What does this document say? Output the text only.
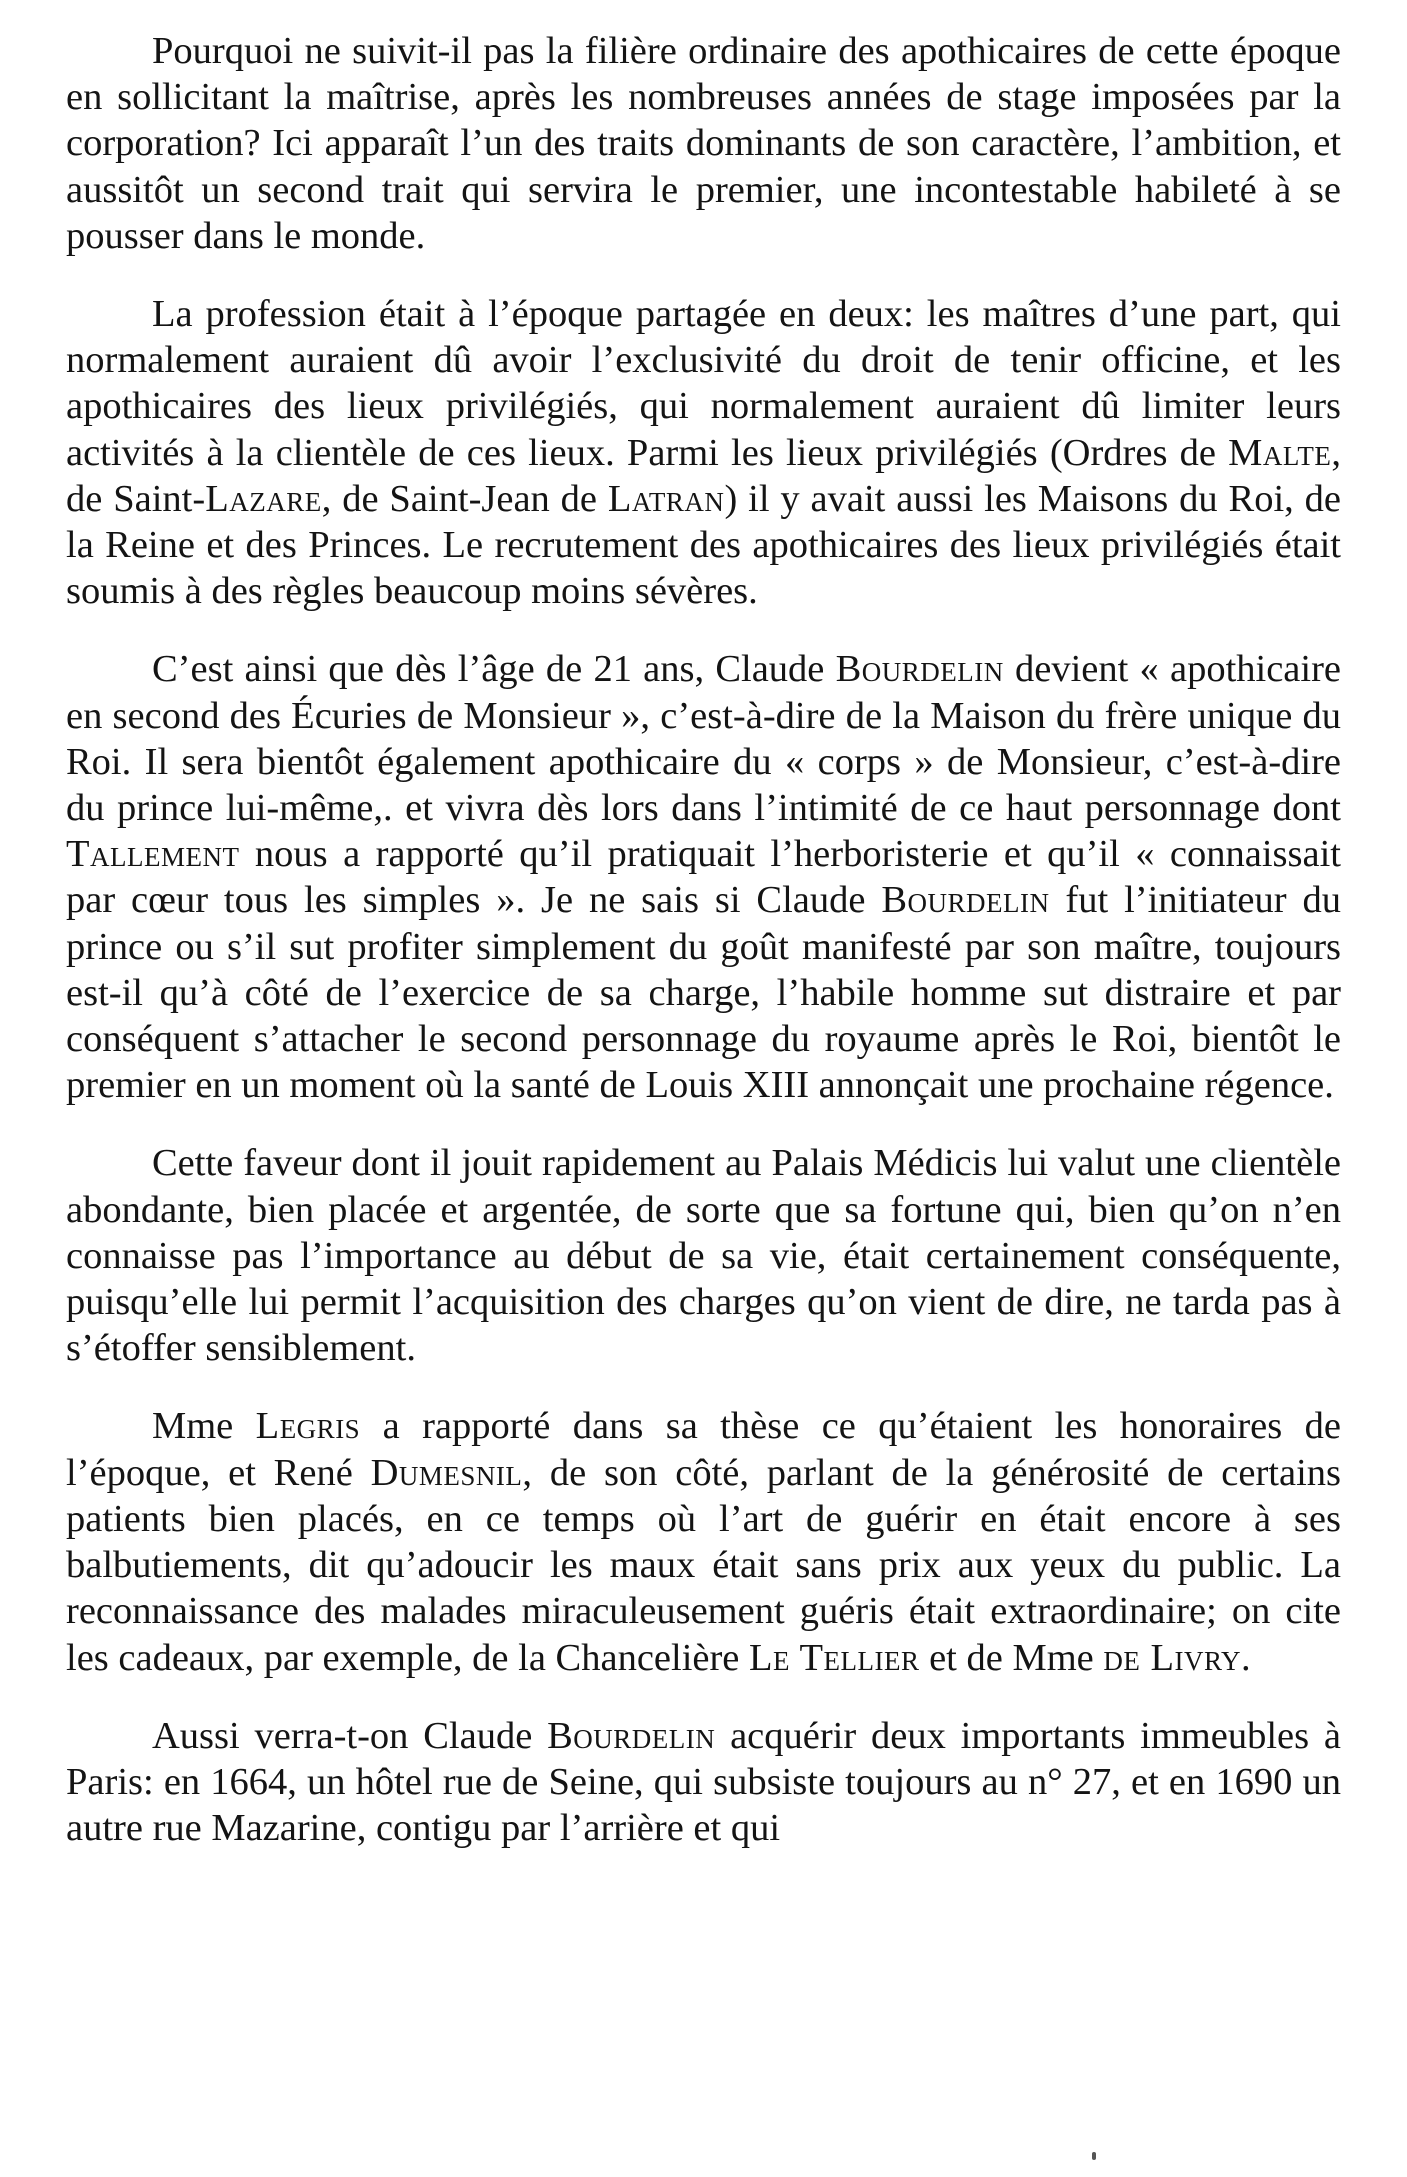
Pourquoi ne suivit-il pas la filière ordinaire des apothicaires de cette époque en sollicitant la maîtrise, après les nombreuses années de stage imposées par la corporation? Ici apparaît l’un des traits dominants de son caractère, l’ambition, et aussitôt un second trait qui servira le premier, une incontestable habileté à se pousser dans le monde.

La profession était à l’époque partagée en deux: les maîtres d’une part, qui normalement auraient dû avoir l’exclusivité du droit de tenir officine, et les apothicaires des lieux privilégiés, qui normalement auraient dû limiter leurs activités à la clientèle de ces lieux. Parmi les lieux privilégiés (Ordres de Malte, de Saint-Lazare, de Saint-Jean de Latran) il y avait aussi les Maisons du Roi, de la Reine et des Princes. Le recrutement des apothicaires des lieux privilégiés était soumis à des règles beaucoup moins sévères.

C’est ainsi que dès l’âge de 21 ans, Claude Bourdelin devient « apothicaire en second des Écuries de Monsieur », c’est-à-dire de la Maison du frère unique du Roi. Il sera bientôt également apothicaire du « corps » de Monsieur, c’est-à-dire du prince lui-même,. et vivra dès lors dans l’intimité de ce haut personnage dont Tallement nous a rapporté qu’il pratiquait l’herboristerie et qu’il « connaissait par cœur tous les simples ». Je ne sais si Claude Bourdelin fut l’initiateur du prince ou s’il sut profiter simplement du goût manifesté par son maître, toujours est-il qu’à côté de l’exercice de sa charge, l’habile homme sut distraire et par conséquent s’attacher le second personnage du royaume après le Roi, bientôt le premier en un moment où la santé de Louis XIII annonçait une prochaine régence.

Cette faveur dont il jouit rapidement au Palais Médicis lui valut une clientèle abondante, bien placée et argentée, de sorte que sa fortune qui, bien qu’on n’en connaisse pas l’importance au début de sa vie, était certainement conséquente, puisqu’elle lui permit l’acquisition des charges qu’on vient de dire, ne tarda pas à s’étoffer sensiblement.

Mme Legris a rapporté dans sa thèse ce qu’étaient les honoraires de l’époque, et René Dumesnil, de son côté, parlant de la générosité de certains patients bien placés, en ce temps où l’art de guérir en était encore à ses balbutiements, dit qu’adoucir les maux était sans prix aux yeux du public. La reconnaissance des malades miraculeusement guéris était extraordinaire; on cite les cadeaux, par exemple, de la Chancelière Le Tellier et de Mme de Livry.

Aussi verra-t-on Claude Bourdelin acquérir deux importants immeubles à Paris: en 1664, un hôtel rue de Seine, qui subsiste toujours au n° 27, et en 1690 un autre rue Mazarine, contigu par l’arrière et qui
